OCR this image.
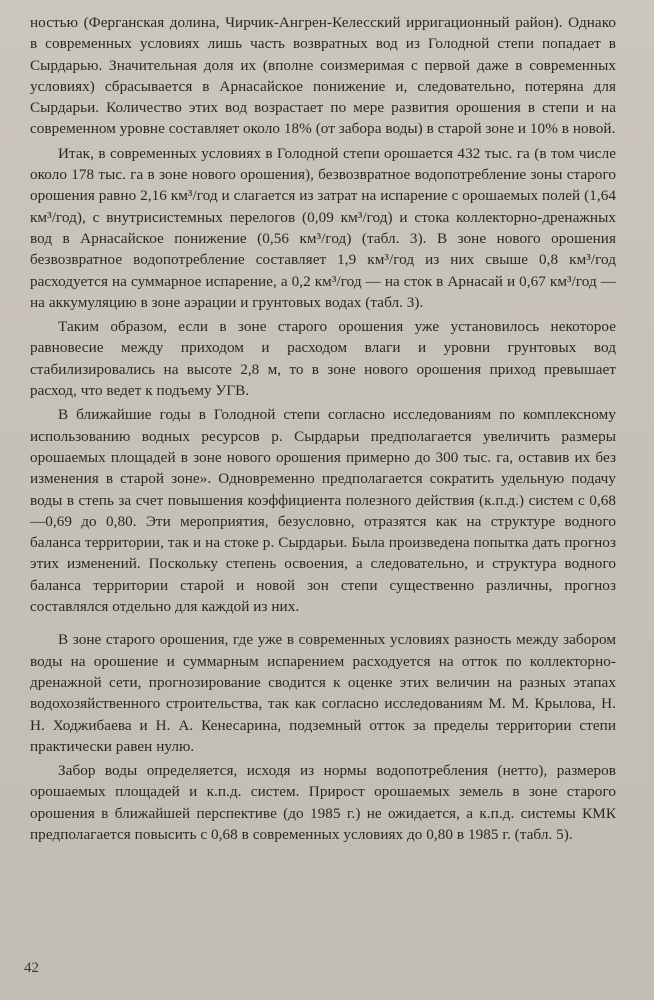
ностью (Ферганская долина, Чирчик-Ангрен-Келесский ирригационный район). Однако в современных условиях лишь часть возвратных вод из Голодной степи попадает в Сырдарью. Значительная доля их (вполне соизмеримая с первой даже в современных условиях) сбрасывается в Арнасайское понижение и, следовательно, потеряна для Сырдарьи. Количество этих вод возрастает по мере развития орошения в степи и на современном уровне составляет около 18% (от забора воды) в старой зоне и 10% в новой.

Итак, в современных условиях в Голодной степи орошается 432 тыс. га (в том числе около 178 тыс. га в зоне нового орошения), безвозвратное водопотребление зоны старого орошения равно 2,16 км³/год и слагается из затрат на испарение с орошаемых полей (1,64 км³/год), с внутрисистемных перелогов (0,09 км³/год) и стока коллекторно-дренажных вод в Арнасайское понижение (0,56 км³/год) (табл. 3). В зоне нового орошения безвозвратное водопотребление составляет 1,9 км³/год из них свыше 0,8 км³/год расходуется на суммарное испарение, а 0,2 км³/год — на сток в Арнасай и 0,67 км³/год — на аккумуляцию в зоне аэрации и грунтовых водах (табл. 3).

Таким образом, если в зоне старого орошения уже установилось некоторое равновесие между приходом и расходом влаги и уровни грунтовых вод стабилизировались на высоте 2,8 м, то в зоне нового орошения приход превышает расход, что ведет к подъему УГВ.

В ближайшие годы в Голодной степи согласно исследованиям по комплексному использованию водных ресурсов р. Сырдарьи предполагается увеличить размеры орошаемых площадей в зоне нового орошения примерно до 300 тыс. га, оставив их без изменения в старой зоне». Одновременно предполагается сократить удельную подачу воды в степь за счет повышения коэффициента полезного действия (к.п.д.) систем с 0,68—0,69 до 0,80. Эти мероприятия, безусловно, отразятся как на структуре водного баланса территории, так и на стоке р. Сырдарьи. Была произведена попытка дать прогноз этих изменений. Поскольку степень освоения, а следовательно, и структура водного баланса территории старой и новой зон степи существенно различны, прогноз составлялся отдельно для каждой из них.

В зоне старого орошения, где уже в современных условиях разность между забором воды на орошение и суммарным испарением расходуется на отток по коллекторно-дренажной сети, прогнозирование сводится к оценке этих величин на разных этапах водохозяйственного строительства, так как согласно исследованиям М. М. Крылова, Н. Н. Ходжибаева и Н. А. Кенесарина, подземный отток за пределы территории степи практически равен нулю.

Забор воды определяется, исходя из нормы водопотребления (нетто), размеров орошаемых площадей и к.п.д. систем. Прирост орошаемых земель в зоне старого орошения в ближайшей перспективе (до 1985 г.) не ожидается, а к.п.д. системы КМК предполагается повысить с 0,68 в современных условиях до 0,80 в 1985 г. (табл. 5).

42
